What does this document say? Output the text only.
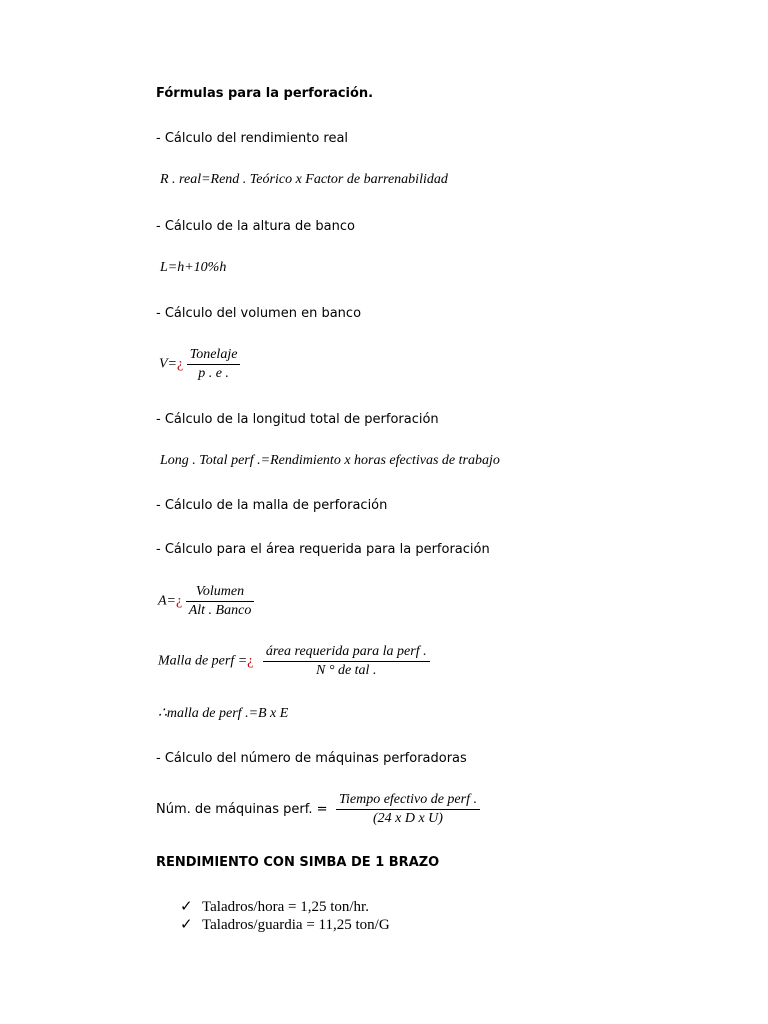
Fórmulas para la perforación.
- Cálculo del rendimiento real
R . real=Rend . Teórico x Factor de barrenabilidad
- Cálculo de la altura de banco
L=h+10%h
- Cálculo del volumen en banco
V=¿ $\frac{\text{Tonelaje}}{p . e .}$
- Cálculo de la longitud total de perforación
Long . Total perf .=Rendimiento x horas efectivas de trabajo
- Cálculo de la malla de perforación
- Cálculo para el área requerida para la perforación
A=¿ $\frac{\text{Volumen}}{\text{Alt . Banco}}$
Malla de perf =¿ $\frac{\text{área requerida para la perf .}}{\text{N ° de tal .}}$
∴malla de perf .=B x E
- Cálculo del número de máquinas perforadoras
Núm. de máquinas perf. = $\frac{\text{Tiempo efectivo de perf .}}{\text{(24 x D x U)}}$
RENDIMIENTO CON SIMBA DE 1 BRAZO
✓ Taladros/hora = 1,25 ton/hr.
✓ Taladros/guardia = 11,25 ton/G
